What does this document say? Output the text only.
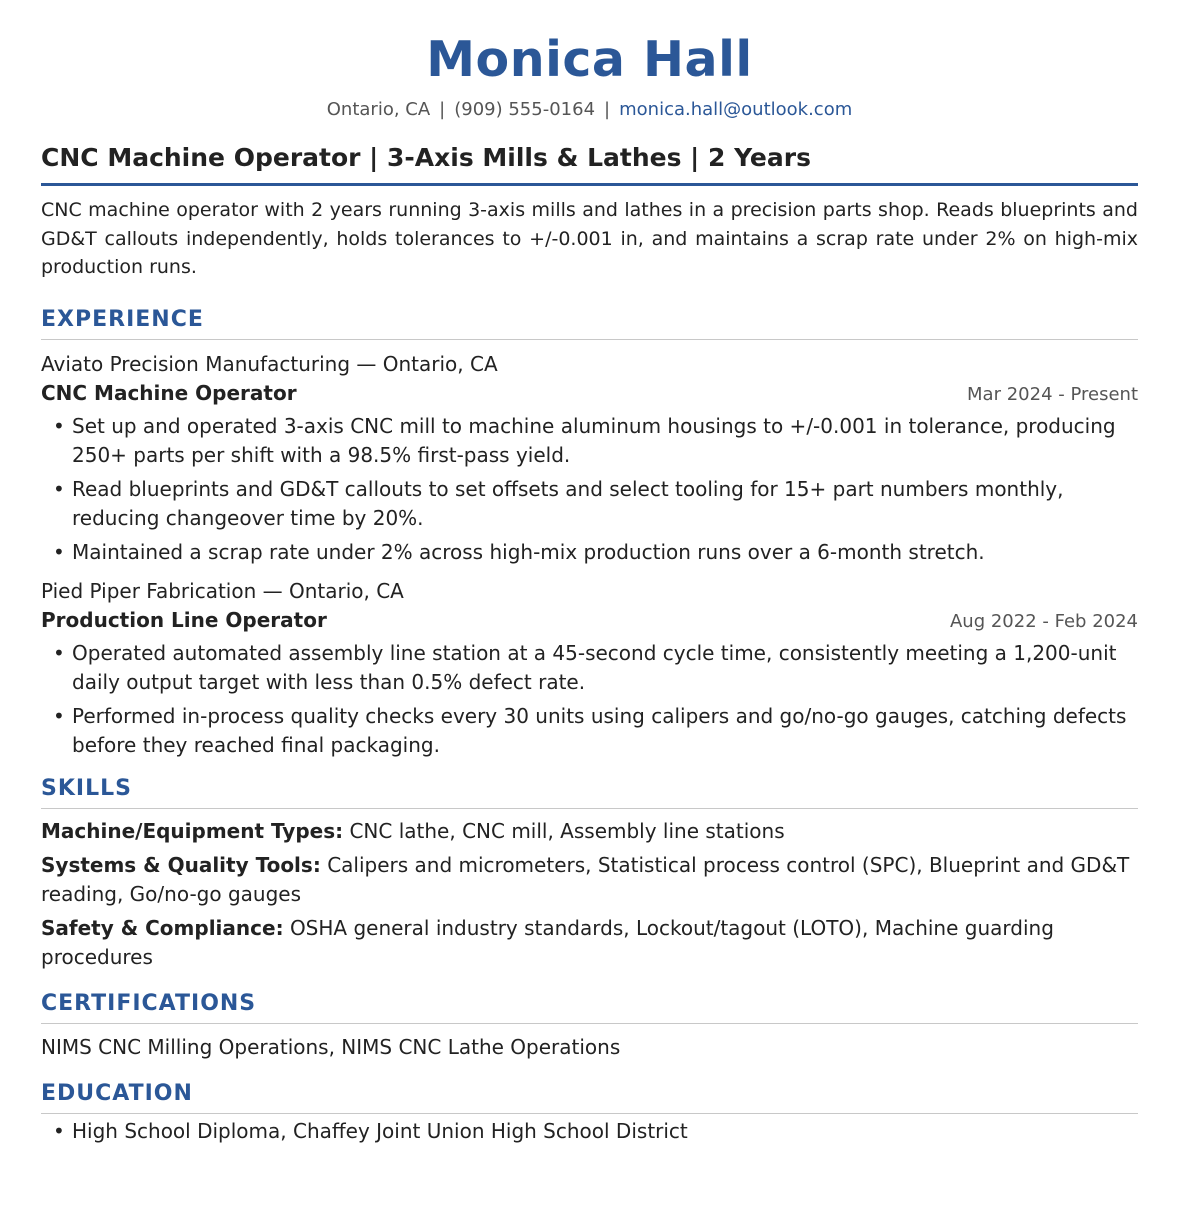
Monica Hall
Ontario, CA | (909) 555-0164 | monica.hall@outlook.com
CNC Machine Operator | 3-Axis Mills & Lathes | 2 Years
CNC machine operator with 2 years running 3-axis mills and lathes in a precision parts shop. Reads blueprints and GD&T callouts independently, holds tolerances to +/-0.001 in, and maintains a scrap rate under 2% on high-mix production runs.
EXPERIENCE
Aviato Precision Manufacturing — Ontario, CA
CNC Machine Operator	Mar 2024 - Present
• Set up and operated 3-axis CNC mill to machine aluminum housings to +/-0.001 in tolerance, producing 250+ parts per shift with a 98.5% first-pass yield.
• Read blueprints and GD&T callouts to set offsets and select tooling for 15+ part numbers monthly, reducing changeover time by 20%.
• Maintained a scrap rate under 2% across high-mix production runs over a 6-month stretch.
Pied Piper Fabrication — Ontario, CA
Production Line Operator	Aug 2022 - Feb 2024
• Operated automated assembly line station at a 45-second cycle time, consistently meeting a 1,200-unit daily output target with less than 0.5% defect rate.
• Performed in-process quality checks every 30 units using calipers and go/no-go gauges, catching defects before they reached final packaging.
SKILLS
Machine/Equipment Types: CNC lathe, CNC mill, Assembly line stations
Systems & Quality Tools: Calipers and micrometers, Statistical process control (SPC), Blueprint and GD&T reading, Go/no-go gauges
Safety & Compliance: OSHA general industry standards, Lockout/tagout (LOTO), Machine guarding procedures
CERTIFICATIONS
NIMS CNC Milling Operations, NIMS CNC Lathe Operations
EDUCATION
• High School Diploma, Chaffey Joint Union High School District
